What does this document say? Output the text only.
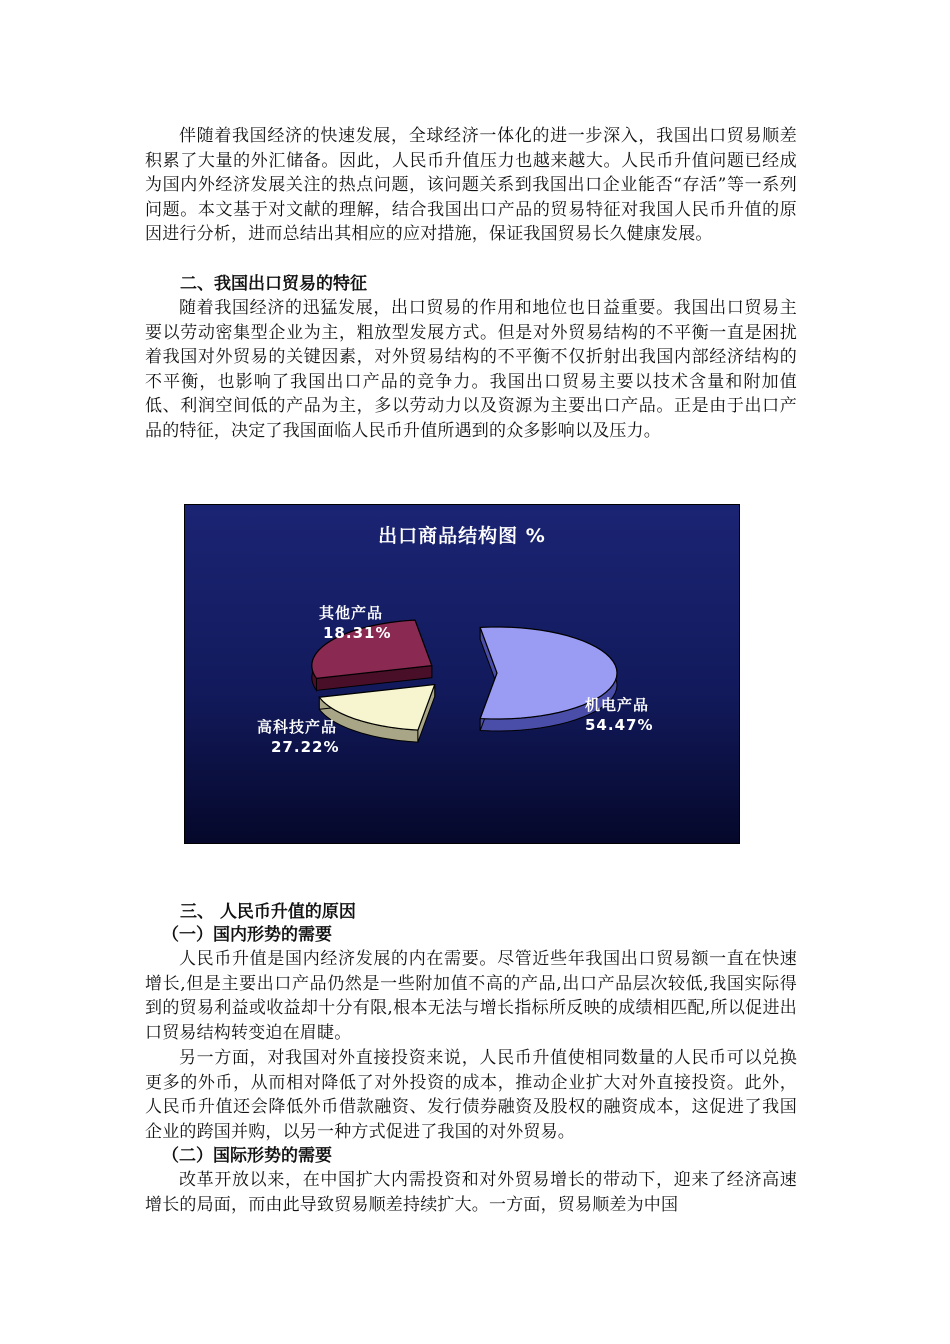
伴随着我国经济的快速发展，全球经济一体化的进一步深入，我国出口贸易顺差积累了大量的外汇储备。因此，人民币升值压力也越来越大。人民币升值问题已经成为国内外经济发展关注的热点问题，该问题关系到我国出口企业能否“存活”等一系列问题。本文基于对文献的理解，结合我国出口产品的贸易特征对我国人民币升值的原因进行分析，进而总结出其相应的应对措施，保证我国贸易长久健康发展。

二、我国出口贸易的特征

随着我国经济的迅猛发展，出口贸易的作用和地位也日益重要。我国出口贸易主要以劳动密集型企业为主，粗放型发展方式。但是对外贸易结构的不平衡一直是困扰着我国对外贸易的关键因素，对外贸易结构的不平衡不仅折射出我国内部经济结构的不平衡，也影响了我国出口产品的竞争力。我国出口贸易主要以技术含量和附加值低、利润空间低的产品为主，多以劳动力以及资源为主要出口产品。正是由于出口产品的特征，决定了我国面临人民币升值所遇到的众多影响以及压力。

出口商品结构图 %
其他产品
18.31%
机电产品
54.47%
高科技产品
27.22%

三、 人民币升值的原因

（一）国内形势的需要

人民币升值是国内经济发展的内在需要。尽管近些年我国出口贸易额一直在快速增长,但是主要出口产品仍然是一些附加值不高的产品,出口产品层次较低,我国实际得到的贸易利益或收益却十分有限,根本无法与增长指标所反映的成绩相匹配,所以促进出口贸易结构转变迫在眉睫。

另一方面，对我国对外直接投资来说，人民币升值使相同数量的人民币可以兑换更多的外币，从而相对降低了对外投资的成本，推动企业扩大对外直接投资。此外，人民币升值还会降低外币借款融资、发行债券融资及股权的融资成本，这促进了我国企业的跨国并购，以另一种方式促进了我国的对外贸易。

（二）国际形势的需要

改革开放以来，在中国扩大内需投资和对外贸易增长的带动下，迎来了经济高速增长的局面，而由此导致贸易顺差持续扩大。一方面，贸易顺差为中国
